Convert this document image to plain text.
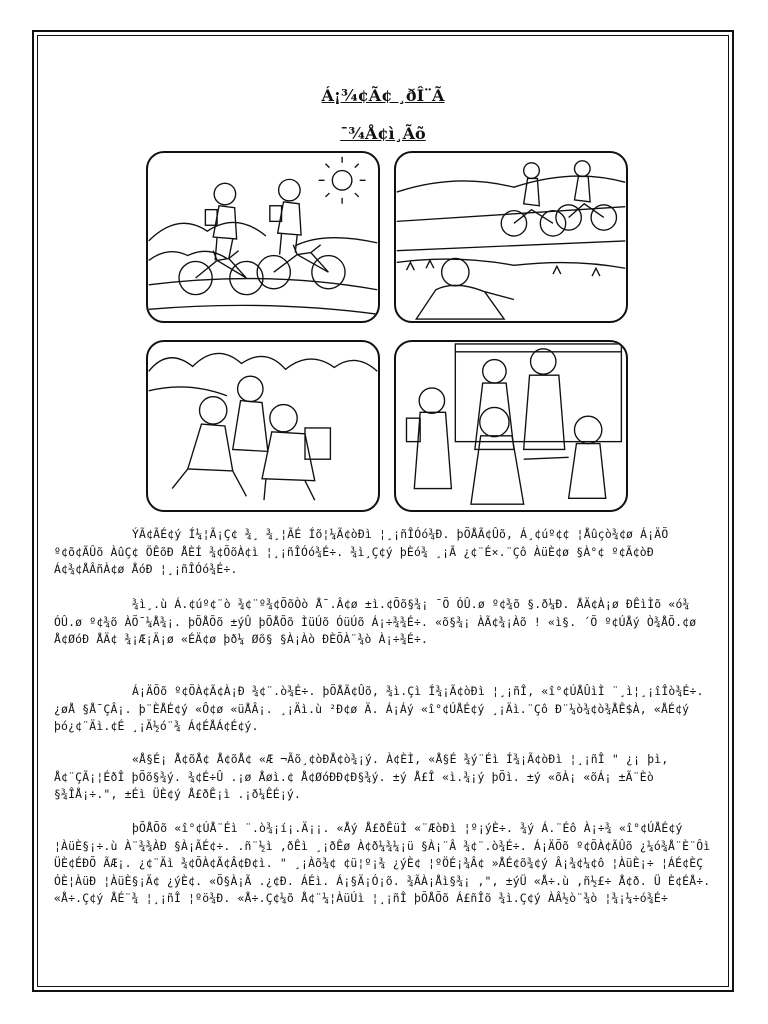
Á¡¾¢Ã¢ ¸ðÎ¨Ã
¯¾Å¢ì¸Ãõ
ÝÃ¢ÃÉ¢ý Í¼¦Ã¡Ç¢ ¾¸ ¾¸¦ÃÉ Íõ¦¼Ã¢òÐì ¦¸¡ñÎÓó¾Ð. þÕÅÃ¢Ûõ, Á¸¢úº¢¢ ¦Åûçò¾¢ø Á¡ÄÕ º¢õ¢ÃÛõ ÀûÇ¢ ÖÊõÐ ÅÈÍ ¾¢ÕõÀ¢ì ¦¸¡ñÎÓó¾É÷. ¾ì¸Ç¢ý þÈó¾ ¸¡Ã ¿¢¨É×.¨Çô ÀüÈ¢ø §À°¢ º¢Ã¢òÐ Á¢¾¢ÅÂñÀ¢ø ÅóÐ ¦¸¡ñÎÓó¾É÷.
¾ì¸.ù Á.¢úº¢¨ò ¾¢¨º¾¢ÕõÒò Å¯.Â¢ø ±ì.¢Õõ§¾¡ ¯Õ ÓÛ.ø º¢¾õ §.ð¼Ð. ÅÄ¢À¡ø ÐÊìÌõ «ó¾ ÓÛ.ø º¢¾õ ÀÕ¯¼Å¾¡. þÕÅÕõ ±ýÛ þÕÅÕõ ÌüÚõ ÓüÚõ Á¡÷¾¾É÷. «õ§¾¡ ÀÃ¢¾¡Àõ ! «ì§. ´Õ º¢ÚÅý Ò¾ÅÕ.¢ø Å¢ØóÐ ÅÄ¢ ¾¡Æ¡Ä¡ø «ÉÄ¢ø þð¼ Øõ§ §À¡Àò ÐÈÕÀ¨¾ò À¡÷¾É÷.
Á¡ÄÕõ º¢ÕÀ¢Ã¢À¡Ð ¾¢¨.ò¾É÷. þÕÅÃ¢Ûõ, ¾ì.Çì Í¾¡Ã¢òÐì ¦¸¡ñÎ, «î°¢ÚÅÛìÌ ¨¸ì¦¸¡îÎò¾É÷. ¿øÅ §Å¯ÇÂ¡. þ¨ÈÅÉ¢ý «Ô¢ø «üÅÂ¡. ¸¡Äì.ù ²Ð¢ø Ä. Á¡Áý «î°¢ÚÅÉ¢ý ¸¡Äì.¨Çô Ð¨¼ò¾¢ò¾ÅÊ$À, «ÅÉ¢ý þó¿¢¨Äì.¢É ¸¡Ä½ó¨¾ Á¢ÉÅÁ¢É¢ý.
«Å§É¡ Å¢õÅ¢ Å¢õÅ¢ «Æ ¬Ãõ¸¢òÐÅ¢ò¾¡ý. À¢ÈÌ, «Å§É ¾ý¨Éì Í¾¡Ã¢òÐì ¦¸¡ñÎ " ¿¡ þì, Å¢¨ÇÃ¡¦ÉðÎ þÕõ§¾ý. ¾¢É÷Û .¡ø Åøì.¢ Å¢ØóÐÐ¢Ð§¾ý. ±ý Å£Î «ì.¾¡ý þÕì. ±ý «õÀ¡ «õÁ¡ ±Ã¨Èò §¾ÎÅ¡÷.", ±Éì ÜÈ¢ý Å£ðÊ¡ì .¡ð¼ÊÉ¡ý.
þÕÅÕõ «î°¢ÚÅ¨Éì ¨.ò¾¡í¡.Ä¡¡. «Åý Å£ðÊüÌ «¨ÆòÐì ¦º¡ýÈ÷. ¾ý Á.¨Éô À¡÷¾ «î°¢ÚÅÉ¢ý ¦ÀüÈ§¡÷.ù À¨¾¾ÀÐ §À¡ÃÉ¢÷. .ñ¨½ì ,ðÊì ¸¡ðÊø À¢ð¼¾¼¡ü §À¡¨Â ¾¢¨.ò¾É÷. Á¡ÄÕõ º¢ÕÀ¢ÃÛõ ¿¼ó¾Å¨È¨Ôì ÜÈ¢ÉÐÕ ÃÆ¡. ¿¢¨Äì ¾¢ÕÀ¢Ã¢Â¢Ð¢ì. " ¸¡Àõ¾¢ ¢ü¦º¡¾ ¿ýÈ¢ ¦ºÖÉ¡¾Â¢ »ÅÉ¢õ¾¢ý Â¡¾¢¼¢ô ¦ÀüÈ¡÷ ¦ÁÉ¢ÈÇ ÓÈ¦ÀüÐ ¦ÀüÈ§¡Ä¢ ¿ýÈ¢. «Õ§À¡Ã .¿¢Ð. ÁÉì. Á¡§Ä¡Ó¡õ. ¾ÃÀ¡Åì§¾¡ ,", ±ýÜ «Å÷.ù ,ñ½£÷ Å¢ð. Ü È¢ÉÅ÷. «Å÷.Ç¢ý ÅÉ¨¾ ¦¸¡ñÎ ¦ºö¾Ð. «Å÷.Ç¢¼õ Å¢¨¼¦ÀüÚì ¦¸¡ñÎ þÕÅÕõ Á£ñÎõ ¾ì.Ç¢ý ÀÂ½ò¨¾ò ¦¾¡¼÷ó¾É÷
